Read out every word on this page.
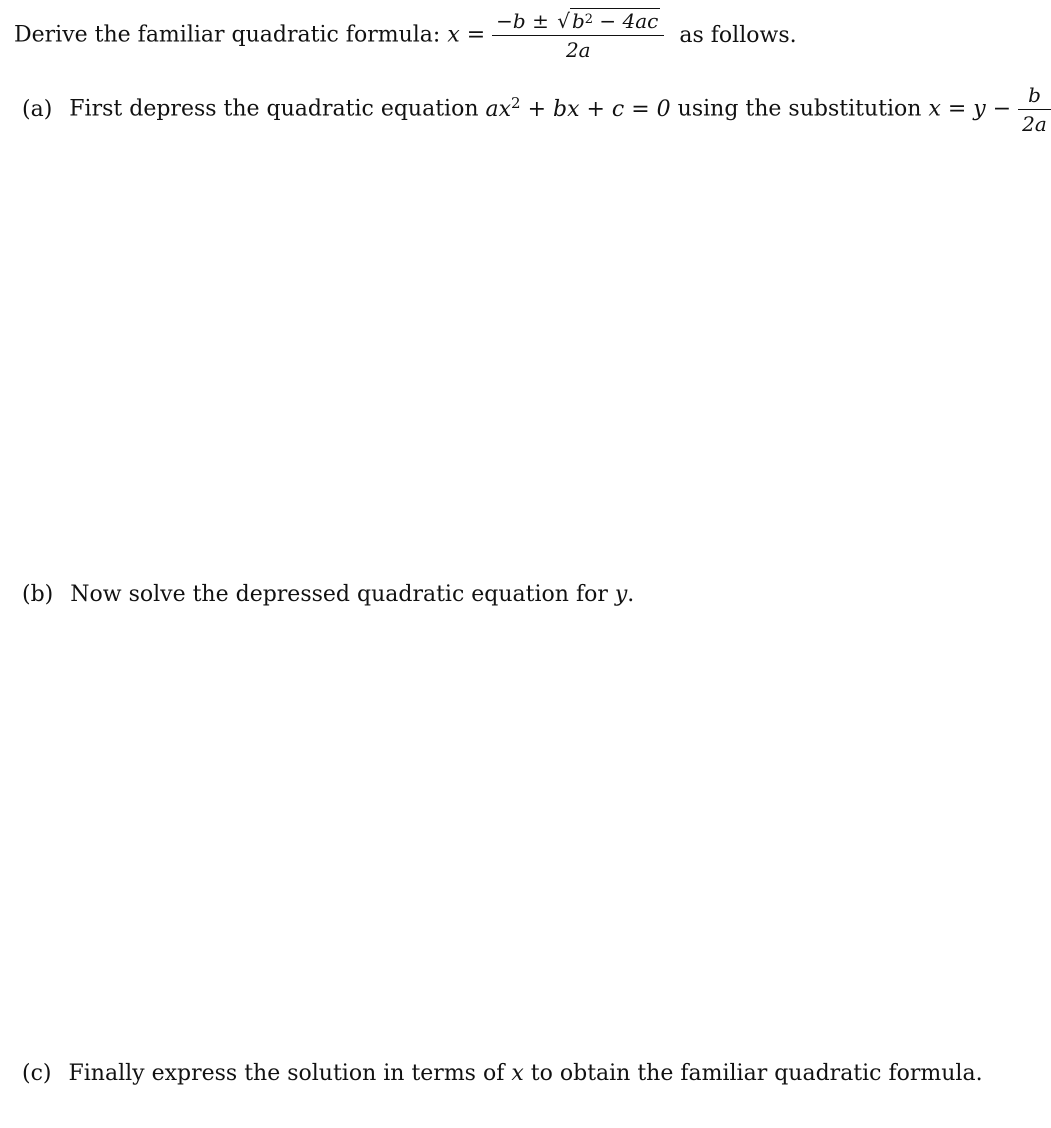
Derive the familiar quadratic formula: $x = \frac{-b \pm √ b^2 - 4ac}{2a}$ as follows.
(a) First depress the quadratic equation $ax^2$ + bx + c = 0 using the substitution $x = y - \frac{b}{2a}$
(b) Now solve the depressed quadratic equation for y.
(c) Finally express the solution in terms of x to obtain the familiar quadratic formula.
